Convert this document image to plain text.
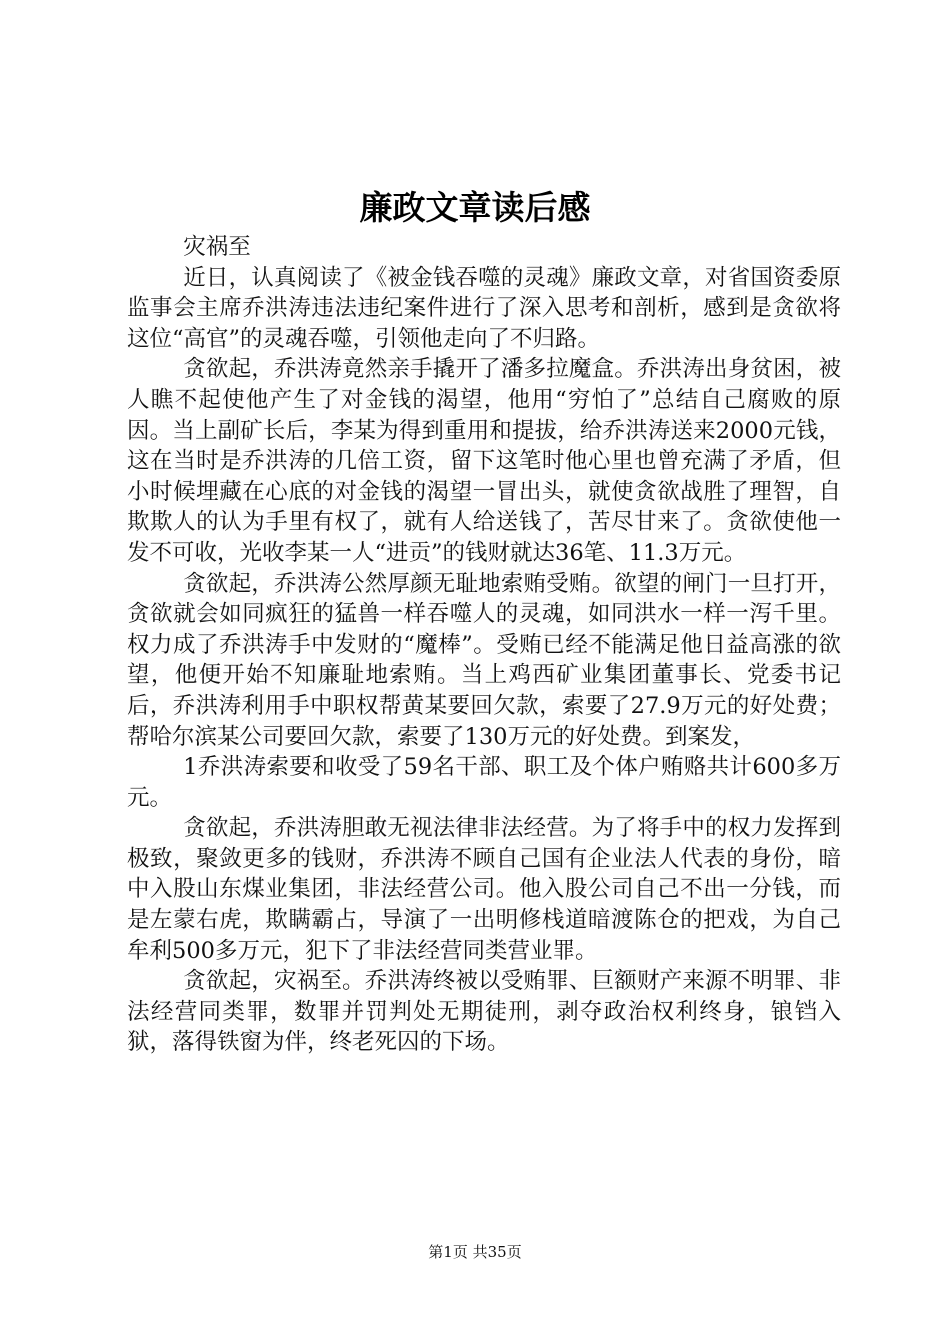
廉政文章读后感

灾祸至

近日，认真阅读了《被金钱吞噬的灵魂》廉政文章，对省国资委原监事会主席乔洪涛违法违纪案件进行了深入思考和剖析，感到是贪欲将这位“高官”的灵魂吞噬，引领他走向了不归路。

贪欲起，乔洪涛竟然亲手撬开了潘多拉魔盒。乔洪涛出身贫困，被人瞧不起使他产生了对金钱的渴望，他用“穷怕了”总结自己腐败的原因。当上副矿长后，李某为得到重用和提拔，给乔洪涛送来2000元钱，这在当时是乔洪涛的几倍工资，留下这笔时他心里也曾充满了矛盾，但小时候埋藏在心底的对金钱的渴望一冒出头，就使贪欲战胜了理智，自欺欺人的认为手里有权了，就有人给送钱了，苦尽甘来了。贪欲使他一发不可收，光收李某一人“进贡”的钱财就达36笔、11.3万元。

贪欲起，乔洪涛公然厚颜无耻地索贿受贿。欲望的闸门一旦打开，贪欲就会如同疯狂的猛兽一样吞噬人的灵魂，如同洪水一样一泻千里。权力成了乔洪涛手中发财的“魔棒”。受贿已经不能满足他日益高涨的欲望，他便开始不知廉耻地索贿。当上鸡西矿业集团董事长、党委书记后，乔洪涛利用手中职权帮黄某要回欠款，索要了27.9万元的好处费；帮哈尔滨某公司要回欠款，索要了130万元的好处费。到案发，

1乔洪涛索要和收受了59名干部、职工及个体户贿赂共计600多万元。

贪欲起，乔洪涛胆敢无视法律非法经营。为了将手中的权力发挥到极致，聚敛更多的钱财，乔洪涛不顾自己国有企业法人代表的身份，暗中入股山东煤业集团，非法经营公司。他入股公司自己不出一分钱，而是左蒙右虎，欺瞒霸占，导演了一出明修栈道暗渡陈仓的把戏，为自己牟利500多万元，犯下了非法经营同类营业罪。

贪欲起，灾祸至。乔洪涛终被以受贿罪、巨额财产来源不明罪、非法经营同类罪，数罪并罚判处无期徒刑，剥夺政治权利终身，锒铛入狱，落得铁窗为伴，终老死囚的下场。

第1页 共35页
